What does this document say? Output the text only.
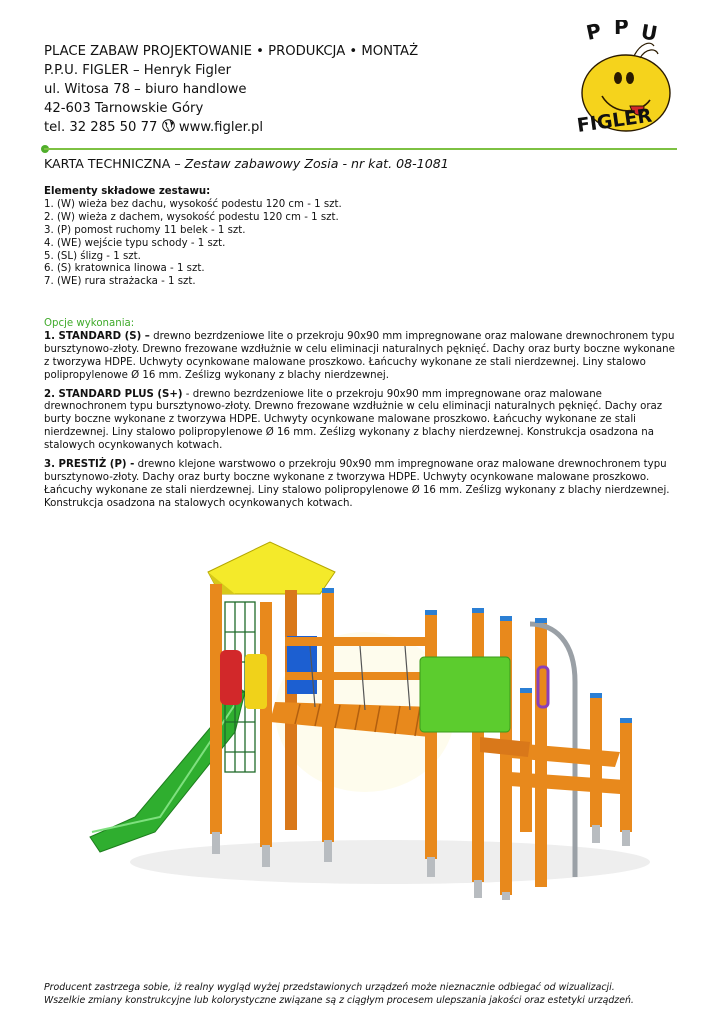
P P U
FIGLER
PLACE ZABAW PROJEKTOWANIE • PRODUKCJA • MONTAŻ
P.P.U. FIGLER – Henryk Figler
ul. Witosa 78 – biuro handlowe
42-603 Tarnowskie Góry
tel. 32 285 50 77 www.figler.pl
KARTA TECHNICZNA – Zestaw zabawowy Zosia - nr kat. 08-1081
Elementy składowe zestawu:
1. (W) wieża bez dachu, wysokość podestu 120 cm - 1 szt.
2. (W) wieża z dachem, wysokość podestu 120 cm - 1 szt.
3. (P) pomost ruchomy 11 belek - 1 szt.
4. (WE) wejście typu schody - 1 szt.
5. (SL) ślizg - 1 szt.
6. (S) kratownica linowa - 1 szt.
7. (WE) rura strażacka - 1 szt.
Opcje wykonania:

1. STANDARD (S) – drewno bezrdzeniowe lite o przekroju 90x90 mm impregnowane oraz malowane drewnochronem typu bursztynowo-złoty. Drewno frezowane wzdłużnie w celu eliminacji naturalnych pęknięć. Dachy oraz burty boczne wykonane z tworzywa HDPE. Uchwyty ocynkowane malowane proszkowo. Łańcuchy wykonane ze stali nierdzewnej. Liny stalowo polipropylenowe Ø 16 mm. Ześlizg wykonany z blachy nierdzewnej.

2. STANDARD PLUS (S+) - drewno bezrdzeniowe lite o przekroju 90x90 mm impregnowane oraz malowane drewnochronem typu bursztynowo-złoty. Drewno frezowane wzdłużnie w celu eliminacji naturalnych pęknięć. Dachy oraz burty boczne wykonane z tworzywa HDPE. Uchwyty ocynkowane malowane proszkowo. Łańcuchy wykonane ze stali nierdzewnej. Liny stalowo polipropylenowe Ø 16 mm. Ześlizg wykonany z blachy nierdzewnej. Konstrukcja osadzona na stalowych ocynkowanych kotwach.

3. PRESTIŻ (P) - drewno klejone warstwowo o przekroju 90x90 mm impregnowane oraz malowane drewnochronem typu bursztynowo-złoty. Dachy oraz burty boczne wykonane z tworzywa HDPE. Uchwyty ocynkowane malowane proszkowo. Łańcuchy wykonane ze stali nierdzewnej. Liny stalowo polipropylenowe Ø 16 mm. Ześlizg wykonany z blachy nierdzewnej. Konstrukcja osadzona na stalowych ocynkowanych kotwach.

Producent zastrzega sobie, iż realny wygląd wyżej przedstawionych urządzeń może nieznacznie odbiegać od wizualizacji.
Wszelkie zmiany konstrukcyjne lub kolorystyczne związane są z ciągłym procesem ulepszania jakości oraz estetyki urządzeń.
